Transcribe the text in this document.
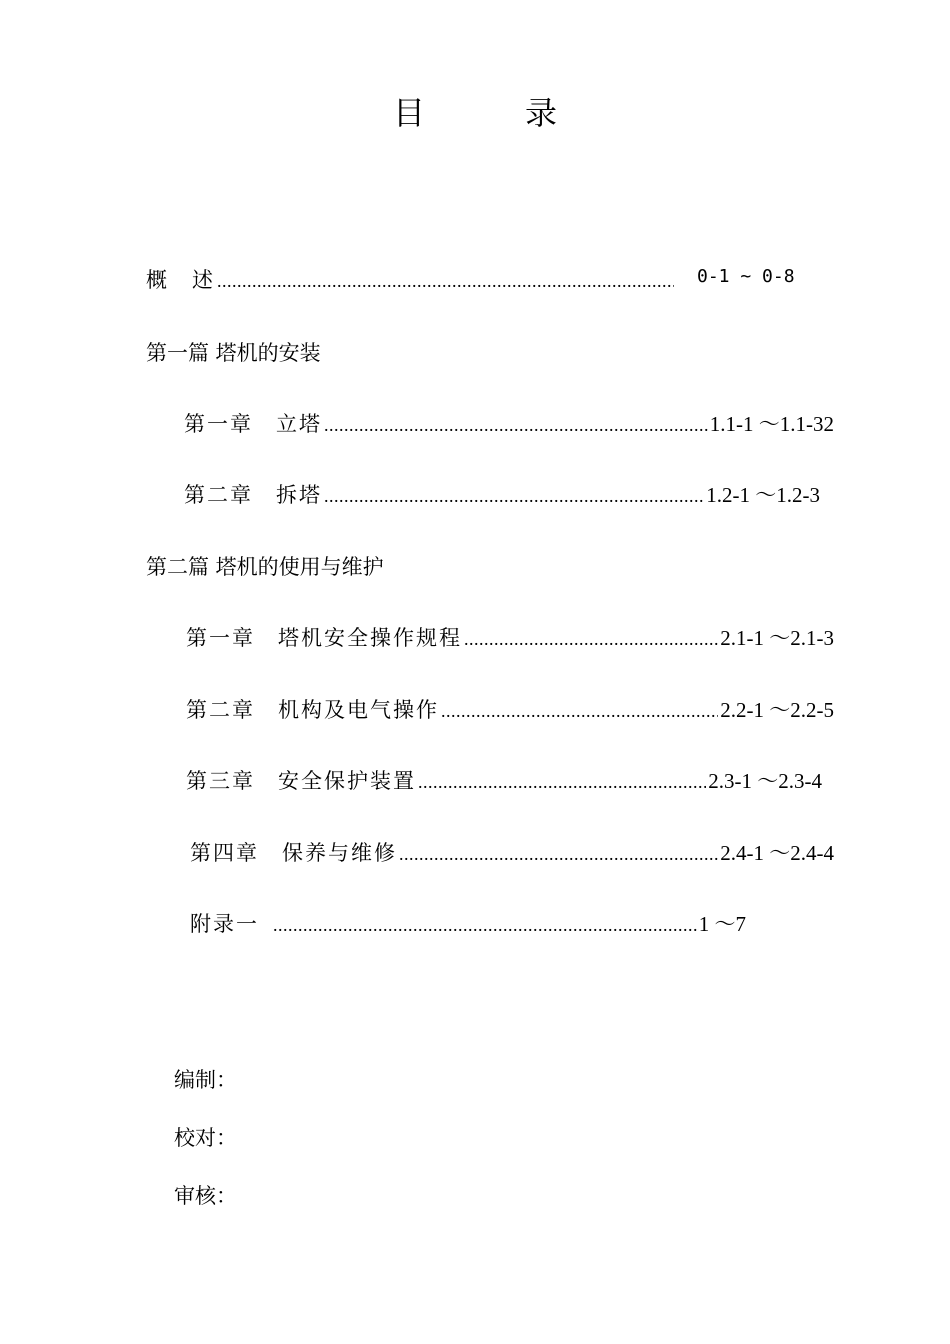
目　录
概　述 .....	0-1 ~ 0-8
第一篇 塔机的安装
第一章　立塔 .....	1.1-1 ～1.1-32
第二章　拆塔 .....	1.2-1 ～1.2-3
第二篇 塔机的使用与维护
第一章　塔机安全操作规程 .....	2.1-1 ～2.1-3
第二章　机构及电气操作 .....	2.2-1 ～2.2-5
第三章　安全保护装置 .....	2.3-1 ～2.3-4
第四章　保养与维修 .....	2.4-1 ～2.4-4
附录一 .....	1 ～7
编制：
校对：
审核：
